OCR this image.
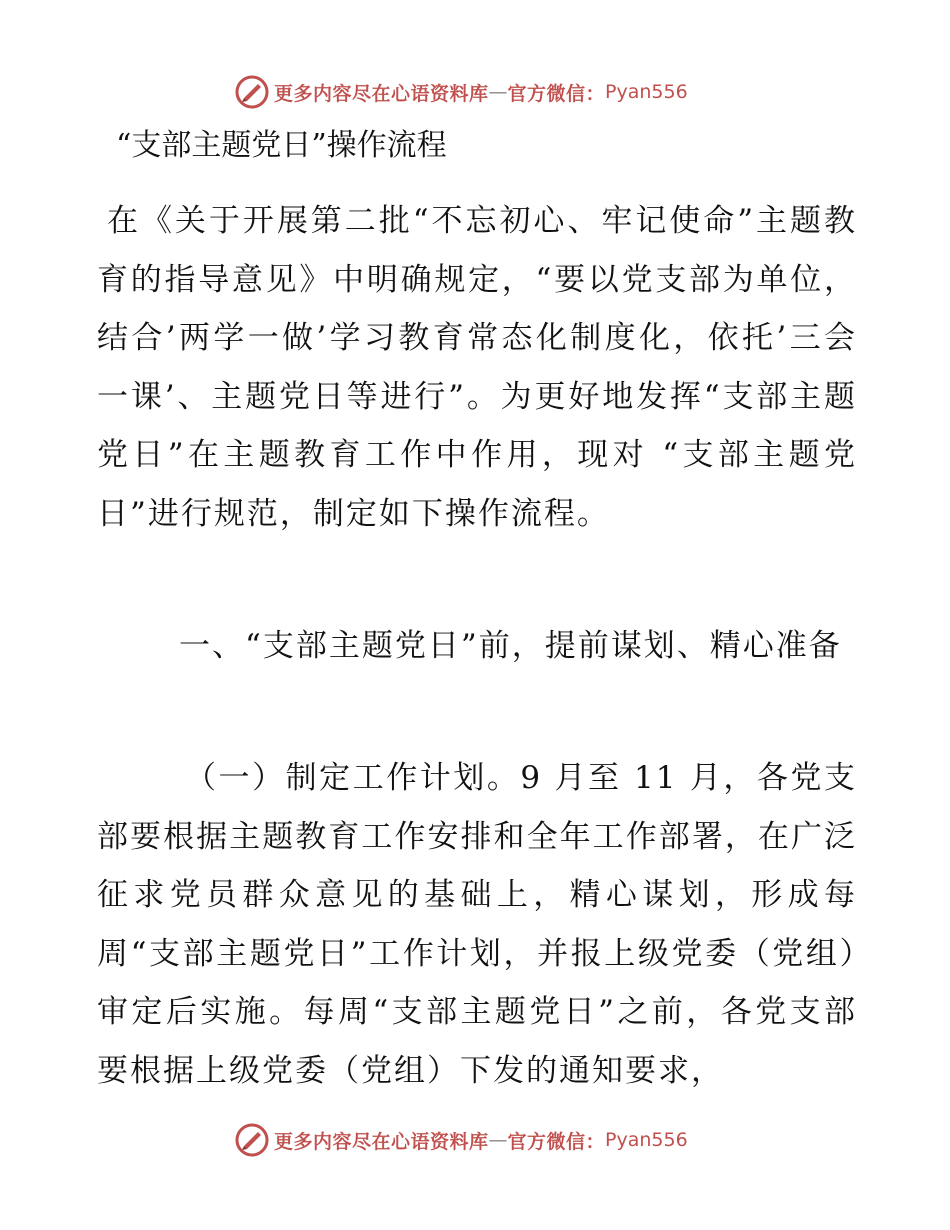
更多内容尽在心语资料库 — 官方微信： Pyan556
“支部主题党日”操作流程
在《关于开展第二批“不忘初心、牢记使命”主题教育的指导意见》中明确规定，“要以党支部为单位，结合’两学一做’学习教育常态化制度化，依托’三会一课’、主题党日等进行”。为更好地发挥“支部主题党日”在主题教育工作中作用，现对 “支部主题党日”进行规范，制定如下操作流程。
一、“支部主题党日”前，提前谋划、精心准备
（一）制定工作计划。9 月至 11 月，各党支部要根据主题教育工作安排和全年工作部署，在广泛征求党员群众意见的基础上，精心谋划，形成每周“支部主题党日”工作计划，并报上级党委（党组）审定后实施。每周“支部主题党日”之前，各党支部要根据上级党委（党组）下发的通知要求，
更多内容尽在心语资料库 — 官方微信： Pyan556
